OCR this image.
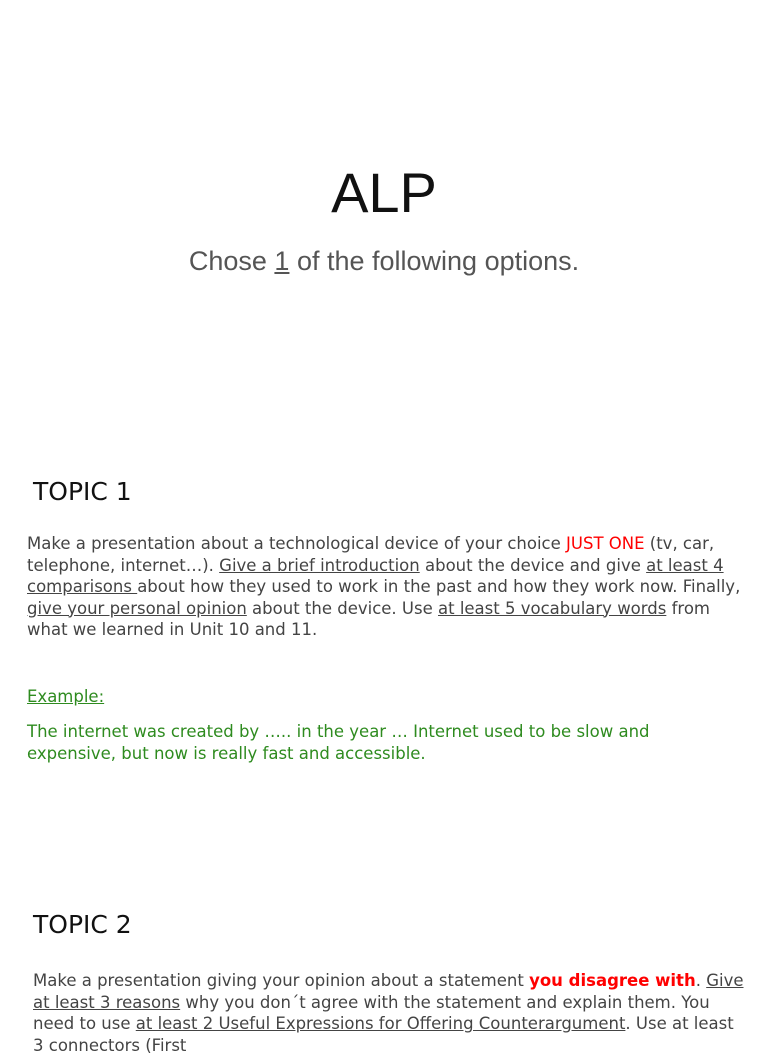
ALP

Chose 1 of the following options.

TOPIC 1

Make a presentation about a technological device of your choice JUST ONE (tv, car, telephone, internet…). Give a brief introduction about the device and give at least 4 comparisons about how they used to work in the past and how they work now. Finally, give your personal opinion about the device. Use at least 5 vocabulary words from what we learned in Unit 10 and 11.

Example:

The internet was created by ….. in the year … Internet used to be slow and expensive, but now is really fast and accessible.

TOPIC 2

Make a presentation giving your opinion about a statement you disagree with. Give at least 3 reasons why you don´t agree with the statement and explain them. You need to use at least 2 Useful Expressions for Offering Counterargument. Use at least 3 connectors (First
